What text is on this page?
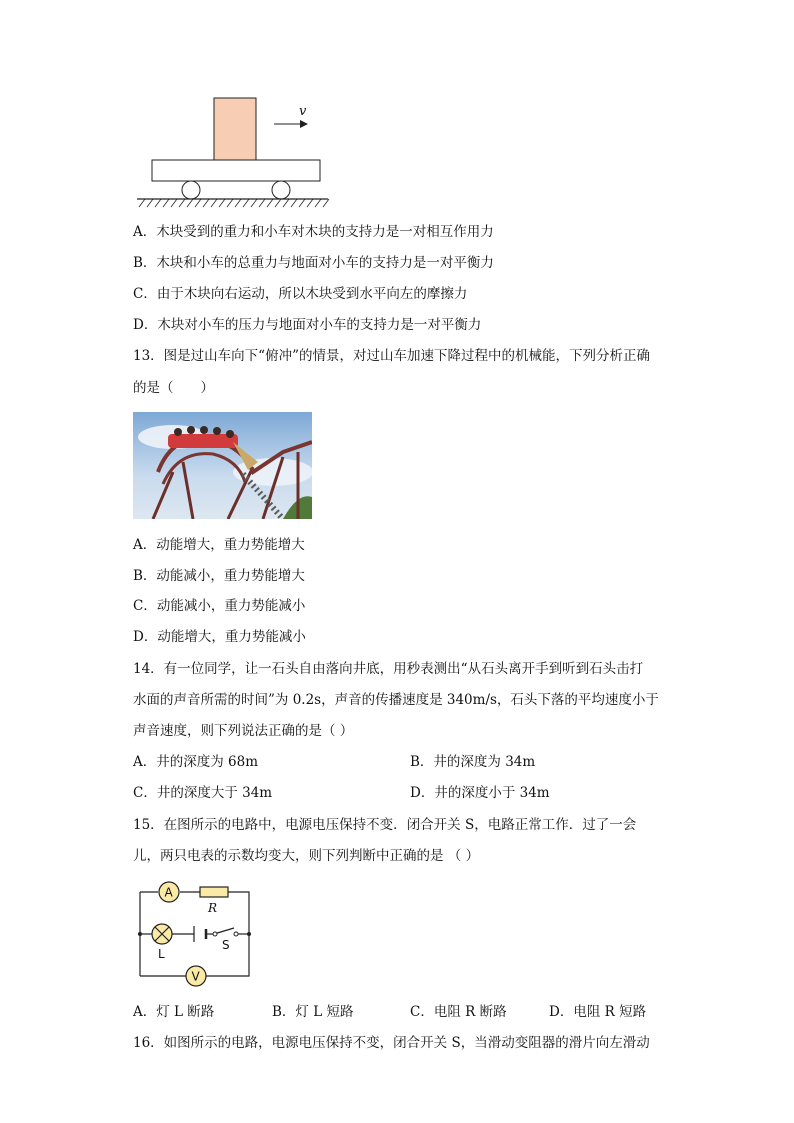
v
A．木块受到的重力和小车对木块的支持力是一对相互作用力
B．木块和小车的总重力与地面对小车的支持力是一对平衡力
C．由于木块向右运动，所以木块受到水平向左的摩擦力
D．木块对小车的压力与地面对小车的支持力是一对平衡力
13．图是过山车向下“俯冲”的情景，对过山车加速下降过程中的机械能，下列分析正确
的是（　　）
A．动能增大，重力势能增大
B．动能减小，重力势能增大
C．动能减小，重力势能减小
D．动能增大，重力势能减小
14．有一位同学，让一石头自由落向井底，用秒表测出“从石头离开手到听到石头击打
水面的声音所需的时间”为 0.2s，声音的传播速度是 340m/s，石头下落的平均速度小于
声音速度，则下列说法正确的是（ ）
A．井的深度为 68m	B．井的深度为 34m
C．井的深度大于 34m	D．井的深度小于 34m
15．在图所示的电路中，电源电压保持不变．闭合开关 S，电路正常工作．过了一会
儿，两只电表的示数均变大，则下列判断中正确的是 （ ）
A
R
L
S
V
A．灯 L 断路	B．灯 L 短路	C．电阻 R 断路	D．电阻 R 短路
16．如图所示的电路，电源电压保持不变，闭合开关 S，当滑动变阻器的滑片向左滑动
